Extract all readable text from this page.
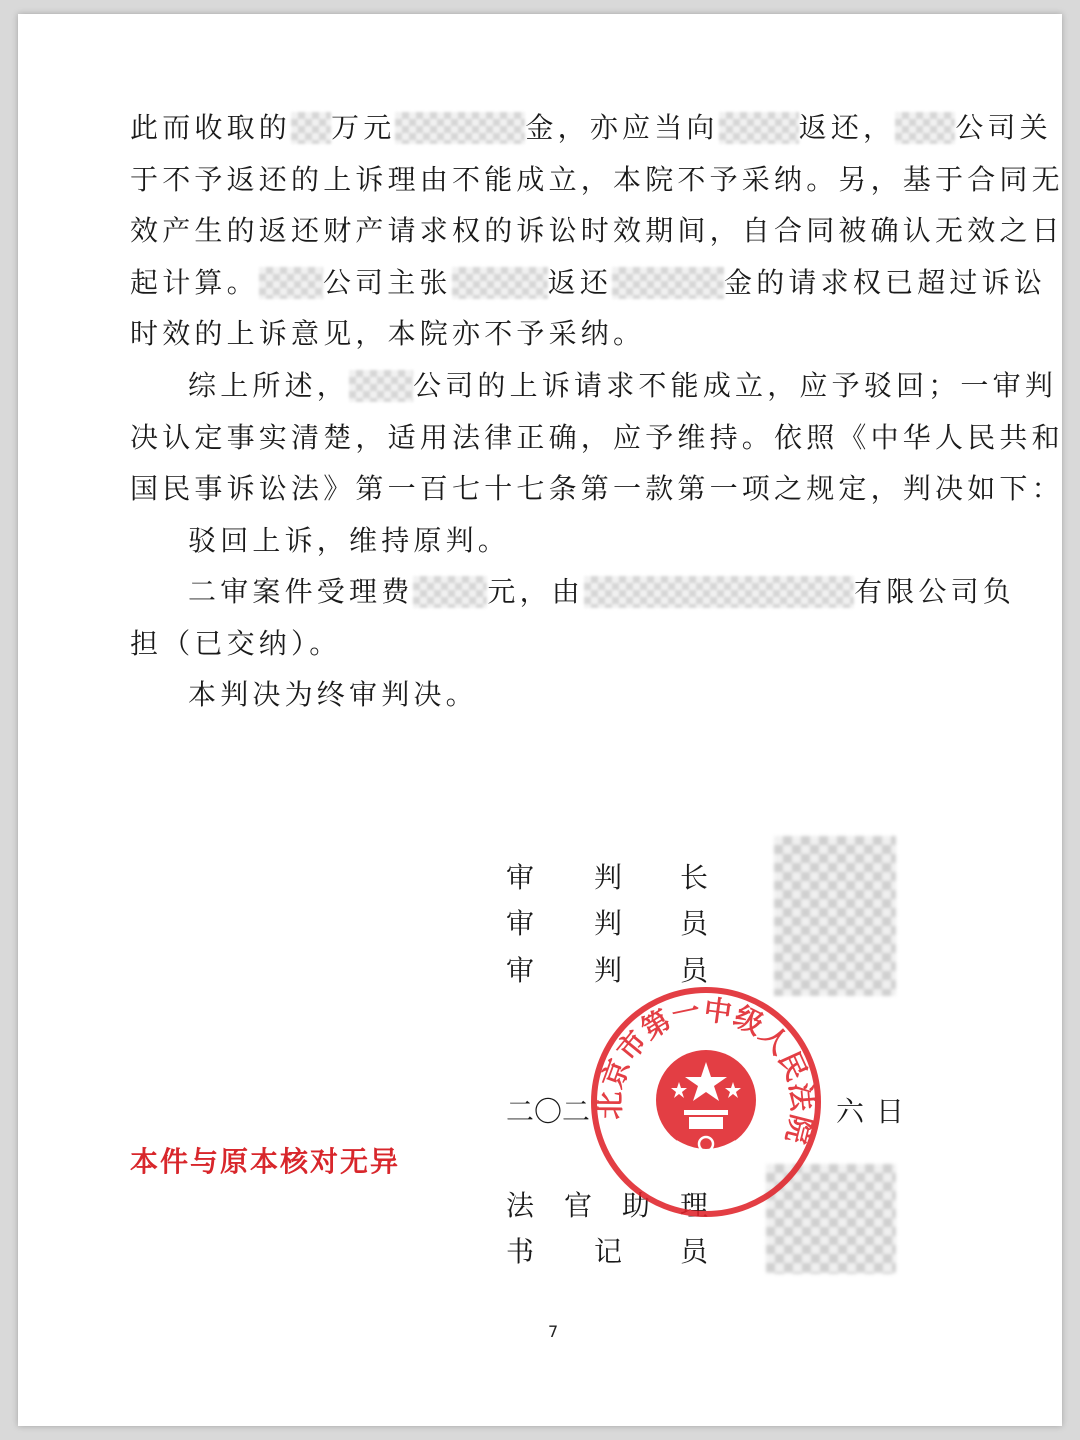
此而收取的 万元	金，亦应当向	返还， 公司关
于不予返还的上诉理由不能成立，本院不予采纳。另，基于合同无
效产生的返还财产请求权的诉讼时效期间，自合同被确认无效之日
起计算。 公司主张	返还	金的请求权已超过诉讼
时效的上诉意见，本院亦不予采纳。
综上所述， 公司的上诉请求不能成立，应予驳回；一审判
决认定事实清楚，适用法律正确，应予维持。依照《中华人民共和
国民事诉讼法》第一百七十七条第一款第一项之规定，判决如下：
驳回上诉，维持原判。
二审案件受理费	元，由	有限公司负
担（已交纳）。
本判决为终审判决。
审 判 长
审 判 员
审 判 员
二〇二	六 日
法 官 助 理
书 记 员
北京市第一中级人民法院
本件与原本核对无异
7
